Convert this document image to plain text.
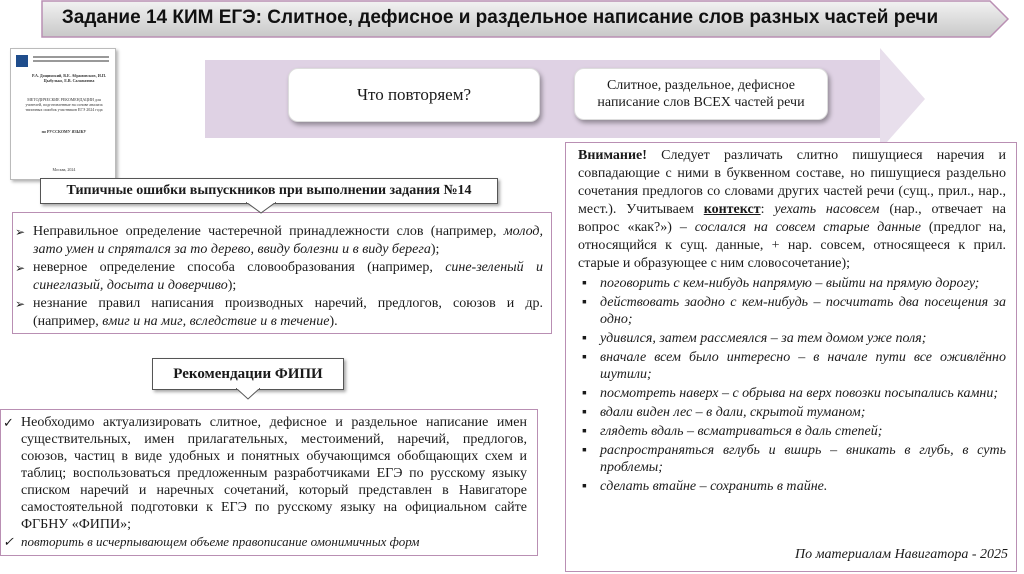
Задание 14 КИМ ЕГЭ: Слитное, дефисное и раздельное написание слов разных частей речи
Р.А. Дощинский, В.Е. Абрамовских, И.П. Цыбулько, Е.В. Саламатова
МЕТОДИЧЕСКИЕ РЕКОМЕНДАЦИИ для учителей, подготовленные на основе анализа типичных ошибок участников ЕГЭ 2024 года
по РУССКОМУ ЯЗЫКУ
Москва, 2024
Что повторяем?	Слитное, раздельное, дефисное написание слов ВСЕХ частей речи
➢ Неправильное определение частеречной принадлежности слов (например, молод, зато умен и спрятался за то дерево, ввиду болезни и в виду берега);
➢ неверное определение способа словообразования (например, сине-зеленый и синеглазый, досыта и доверчиво);
➢ незнание правил написания производных наречий, предлогов, союзов и др. (например, вмиг и на миг, вследствие и в течение).
Типичные ошибки выпускников при выполнении задания №14
Рекомендации ФИПИ
✓ Необходимо актуализировать слитное, дефисное и раздельное написание имен существительных, имен прилагательных, местоимений, наречий, предлогов, союзов, частиц в виде удобных и понятных обучающимся обобщающих схем и таблиц; воспользоваться предложенным разработчиками ЕГЭ по русскому языку списком наречий и наречных сочетаний, который представлен в Навигаторе самостоятельной подготовки к ЕГЭ по русскому языку на официальном сайте ФГБНУ «ФИПИ»;
✓ повторить в исчерпывающем объеме правописание омонимичных форм
Внимание! Следует различать слитно пишущиеся наречия и совпадающие с ними в буквенном составе, но пишущиеся раздельно сочетания предлогов со словами других частей речи (сущ., прил., нар., мест.). Учитываем контекст: уехать насовсем (нар., отвечает на вопрос «как?») – сослался на совсем старые данные (предлог на, относящийся к сущ. данные, + нар. совсем, относящееся к прил. старые и образующее с ним словосочетание);
▪ поговорить с кем-нибудь напрямую – выйти на прямую дорогу;
▪ действовать заодно с кем-нибудь – посчитать два посещения за одно;
▪ удивился, затем рассмеялся – за тем домом уже поля;
▪ вначале всем было интересно – в начале пути все оживлённо шутили;
▪ посмотреть наверх – с обрыва на верх повозки посыпались камни;
▪ вдали виден лес – в дали, скрытой туманом;
▪ глядеть вдаль – всматриваться в даль степей;
▪ распространяться вглубь и вширь – вникать в глубь, в суть проблемы;
▪ сделать втайне – сохранить в тайне.
По материалам Навигатора - 2025
